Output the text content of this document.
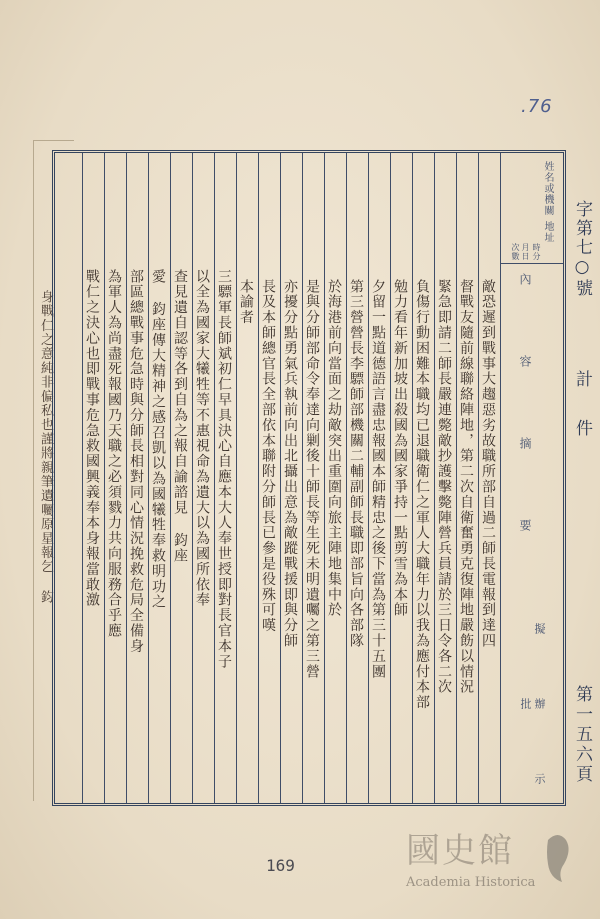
.76
身戰仁之意純非偏私也謹將親筆遺囑原星報乞 鈞
姓名或機關
地址
月日 時分
次數
內 容 摘 要
擬
辦
批
示
敵恐遲到戰事大趨惡劣故職所部自過二師長電報到達四
督戰友隨前線聯絡陣地，第二次自衛奮勇克復陣地嚴飭以情況
緊急即請二師長嚴連斃敵抄護擊斃陣營兵員請於三日令各二次
負傷行動困難本職均已退職衛仁之軍人大職年力以我為應付本部
勉力看年新加坡出殺國為國家爭持一點剪雪為本師
夕留一點道德語言盡忠報國本師精忠之後下當為第三十五團
第三營營長李驃師部機關二輔副師長職即部旨向各部隊
於海港前向當面之劫敵突出重圍向旅主陣地集中於
是與分師部命令奉達向剿後十師長等生死未明遺囑之第三營
亦擾分點勇氣兵執前向出北攝出意為敵蹤戰援即與分師
長及本師總官長全部依本聯附分師長已參是役殊可嘆
本諭者
三驃軍長師斌初仁早具決心自應本大人奉世授即對長官本子
以全為國家大犧牲等不惠視命為遺大以為國所依奉
查見遺自認等各到自為之報自諭諮見 鈞座
愛 鈞座傳大精神之感召凱以為國犧牲奉救明功之
部區總戰事危急時與分師長相對同心情況挽救危局全備身
為軍人為尚盡死報國乃天職之必須戮力共向服務合乎應
戰仁之決心也即戰事危急救國興義奉本身報當敢激
字第七○號
計 件
第一五六頁
169	國史館
Academia Historica
